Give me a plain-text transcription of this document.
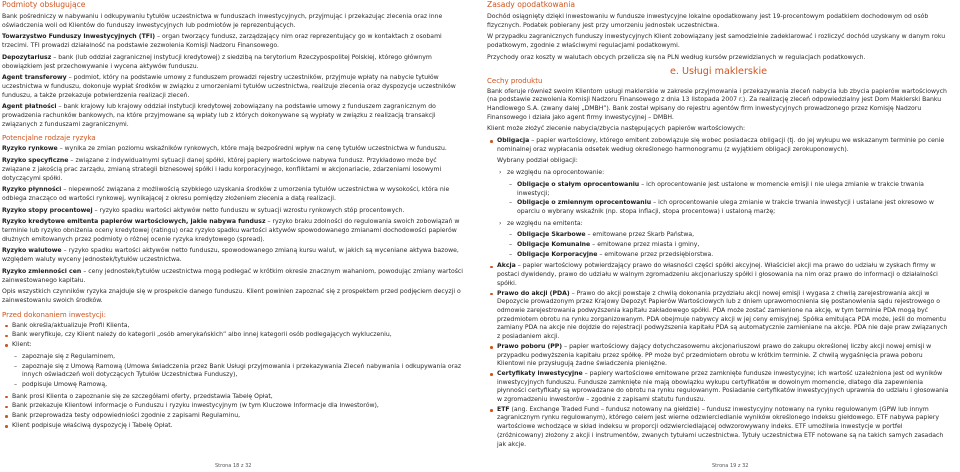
Podmioty obsługujące

Bank pośredniczy w nabywaniu i odkupywaniu tytułów uczestnictwa w funduszach inwestycyjnych, przyjmując i przekazując zlecenia oraz inne oświadczenia woli od Klientów do funduszy inwestycyjnych lub podmiotów je reprezentujących.

Towarzystwo Funduszy Inwestycyjnych (TFI) – organ tworzący fundusz, zarządzający nim oraz reprezentujący go w kontaktach z osobami trzecimi. TFI prowadzi działalność na podstawie zezwolenia Komisji Nadzoru Finansowego.

Depozytariusz – bank (lub oddział zagranicznej instytucji kredytowej) z siedzibą na terytorium Rzeczypospolitej Polskiej, którego głównym obowiązkiem jest przechowywanie i wycena aktywów funduszu.

Agent transferowy – podmiot, który na podstawie umowy z funduszem prowadzi rejestry uczestników, przyjmuje wpłaty na nabycie tytułów uczestnictwa w funduszu, dokonuje wypłat środków w związku z umorzeniami tytułów uczestnictwa, realizuje zlecenia oraz dyspozycje uczestników funduszu, a także przekazuje potwierdzenia realizacji zleceń.

Agent płatności – bank krajowy lub krajowy oddział instytucji kredytowej zobowiązany na podstawie umowy z funduszem zagranicznym do prowadzenia rachunków bankowych, na które przyjmowane są wpłaty lub z których dokonywane są wypłaty w związku z realizacją transakcji związanych z funduszami zagranicznymi.

Potencjalne rodzaje ryzyka

Ryzyko rynkowe – wynika ze zmian poziomu wskaźników rynkowych, które mają bezpośredni wpływ na cenę tytułów uczestnictwa w funduszu.

Ryzyko specyficzne – związane z indywidualnymi sytuacji danej spółki, której papiery wartościowe nabywa fundusz. Przykładowo może być związane z jakością prac zarządu, zmianą strategii biznesowej spółki i ładu korporacyjnego, konfliktami w akcjonariacie, zdarzeniami losowymi dotyczącymi spółki.

Ryzyko płynności – niepewność związana z możliwością szybkiego uzyskania środków z umorzenia tytułów uczestnictwa w wysokości, która nie odbiega znacząco od wartości rynkowej, wynikającej z okresu pomiędzy złożeniem zlecenia a datą realizacji.

Ryzyko stopy procentowej – ryzyko spadku wartości aktywów netto funduszu w sytuacji wzrostu rynkowych stóp procentowych.

Ryzyko kredytowe emitenta papierów wartościowych, jakie nabywa fundusz – ryzyko braku zdolności do regulowania swoich zobowiązań w terminie lub ryzyko obniżenia oceny kredytowej (ratingu) oraz ryzyko spadku wartości aktywów spowodowanego zmianami dochodowości papierów dłużnych emitowanych przez podmioty o różnej ocenie ryzyka kredytowego (spread).

Ryzyko walutowe – ryzyko spadku wartości aktywów netto funduszu, spowodowanego zmianą kursu walut, w jakich są wyceniane aktywa bazowe, względem waluty wyceny jednostek/tytułów uczestnictwa.

Ryzyko zmienności cen – ceny jednostek/tytułów uczestnictwa mogą podlegać w krótkim okresie znacznym wahaniom, powodując zmiany wartości zainwestowanego kapitału.

Opis wszystkich czynników ryzyka znajduje się w prospekcie danego funduszu. Klient powinien zapoznać się z prospektem przed podjęciem decyzji o zainwestowaniu swoich środków.

Przed dokonaniem inwestycji:
Bank określa/aktualizuje Profil Klienta,
Bank weryfikuje, czy Klient należy do kategorii „osób amerykańskich” albo innej kategorii osób podlegających wykluczeniu,
Klient:
– zapoznaje się z Regulaminem,
– zapoznaje się z Umową Ramową (Umowa świadczenia przez Bank Usługi przyjmowania i przekazywania Zleceń nabywania i odkupywania oraz innych oświadczeń woli dotyczących Tytułów Uczestnictwa Funduszy),
– podpisuje Umowę Ramową,
Bank prosi Klienta o zapoznanie się ze szczegółami oferty, przedstawia Tabelę Opłat,
Bank przekazuje Klientowi informacje o Funduszu i ryzyku inwestycyjnym (w tym Kluczowe Informacje dla Inwestorów),
Bank przeprowadza testy odpowiedniości zgodnie z zapisami Regulaminu,
Klient podpisuje właściwą dyspozycję i Tabelę Opłat.
Strona 18 z 32
Zasady opodatkowania

Dochód osiągnięty dzięki inwestowaniu w fundusze inwestycyjne lokalne opodatkowany jest 19-procentowym podatkiem dochodowym od osób fizycznych. Podatek pobierany jest przy umorzeniu jednostek uczestnictwa.

W przypadku zagranicznych funduszy inwestycyjnych Klient zobowiązany jest samodzielnie zadeklarować i rozliczyć dochód uzyskany w danym roku podatkowym, zgodnie z właściwymi regulacjami podatkowymi.

Przychody oraz koszty w walutach obcych przelicza się na PLN według kursów przewidzianych w regulacjach podatkowych.

e. Usługi maklerskie
Cechy produktu

Bank oferuje również swoim Klientom usługi maklerskie w zakresie przyjmowania i przekazywania zleceń nabycia lub zbycia papierów wartościowych (na podstawie zezwolenia Komisji Nadzoru Finansowego z dnia 13 listopada 2007 r.). Za realizację zleceń odpowiedzialny jest Dom Maklerski Banku Handlowego S.A. (zwany dalej „DMBH”). Bank został wpisany do rejestru agentów firm inwestycyjnych prowadzonego przez Komisję Nadzoru Finansowego i działa jako agent firmy inwestycyjnej – DMBH.

Klient może złożyć zlecenie nabycia/zbycia następujących papierów wartościowych:

Obligacja – papier wartościowy, którego emitent zobowiązuje się wobec posiadacza obligacji (tj. do jej wykupu we wskazanym terminie po cenie nominalnej oraz wypłacania odsetek według określonego harmonogramu (z wyjątkiem obligacji zerokuponowych).

Wybrany podział obligacji:

› ze względu na oprocentowanie:
– Obligacje o stałym oprocentowaniu – ich oprocentowanie jest ustalone w momencie emisji i nie ulega zmianie w trakcie trwania inwestycji;
– Obligacje o zmiennym oprocentowaniu – ich oprocentowanie ulega zmianie w trakcie trwania inwestycji i ustalane jest okresowo w oparciu o wybrany wskaźnik (np. stopa inflacji, stopa procentowa) i ustaloną marżę;
› ze względu na emitenta:
– Obligacje Skarbowe – emitowane przez Skarb Państwa,
– Obligacje Komunalne – emitowane przez miasta i gminy,
– Obligacje Korporacyjne – emitowane przez przedsiębiorstwa.
Akcja – papier wartościowy potwierdzający prawo do własności części spółki akcyjnej. Właściciel akcji ma prawo do udziału w zyskach firmy w postaci dywidendy, prawo do udziału w walnym zgromadzeniu akcjonariuszy spółki i głosowania na nim oraz prawo do informacji o działalności spółki.
Prawo do akcji (PDA) – Prawo do akcji powstaje z chwilą dokonania przydziału akcji nowej emisji i wygasa z chwilą zarejestrowania akcji w Depozycie prowadzonym przez Krajowy Depozyt Papierów Wartościowych lub z dniem uprawomocnienia się postanowienia sądu rejestrowego o odmowie zarejestrowania podwyższenia kapitału zakładowego spółki. PDA może zostać zamienione na akcję, w tym terminie PDA mogą być przedmiotem obrotu na rynku zorganizowanym. PDA obejmuje nabywcy akcji w jej ceny emisyjnej. Spółka emitująca PDA może, jeśli do momentu zamiany PDA na akcje nie dojdzie do rejestracji podwyższenia kapitału PDA są automatycznie zamieniane na akcje. PDA nie daje praw związanych z posiadaniem akcji.
Prawo poboru (PP) – papier wartościowy dający dotychczasowemu akcjonariuszowi prawo do zakupu określonej liczby akcji nowej emisji w przypadku podwyższenia kapitału przez spółkę. PP może być przedmiotem obrotu w krótkim terminie. Z chwilą wygaśnięcia prawa poboru Klientowi nie przysługują żadne świadczenia pieniężne.
Certyfikaty inwestycyjne – papiery wartościowe emitowane przez zamknięte fundusze inwestycyjne; ich wartość uzależniona jest od wyników inwestycyjnych funduszu. Fundusze zamknięte nie mają obowiązku wykupu certyfikatów w dowolnym momencie, dlatego dla zapewnienia płynności certyfikaty są wprowadzane do obrotu na rynku regulowanym. Posiadanie certyfikatów inwestycyjnych uprawnia do udziału i głosowania w zgromadzeniu inwestorów – zgodnie z zapisami statutu funduszu.
ETF (ang. Exchange Traded Fund – fundusz notowany na giełdzie) – fundusz inwestycyjny notowany na rynku regulowanym (GPW lub innym zagranicznym rynku regulowanym), którego celem jest wierne odzwierciedlanie wyników określonego indeksu giełdowego. ETF nabywa papiery wartościowe wchodzące w skład indeksu w proporcji odzwierciedlającej odwzorowywany indeks. ETF umożliwia inwestycje w portfel (zróżnicowany) złożony z akcji i instrumentów, zwanych tytułami uczestnictwa. Tytuły uczestnictwa ETF notowane są na takich samych zasadach jak akcje.
Strona 19 z 32
